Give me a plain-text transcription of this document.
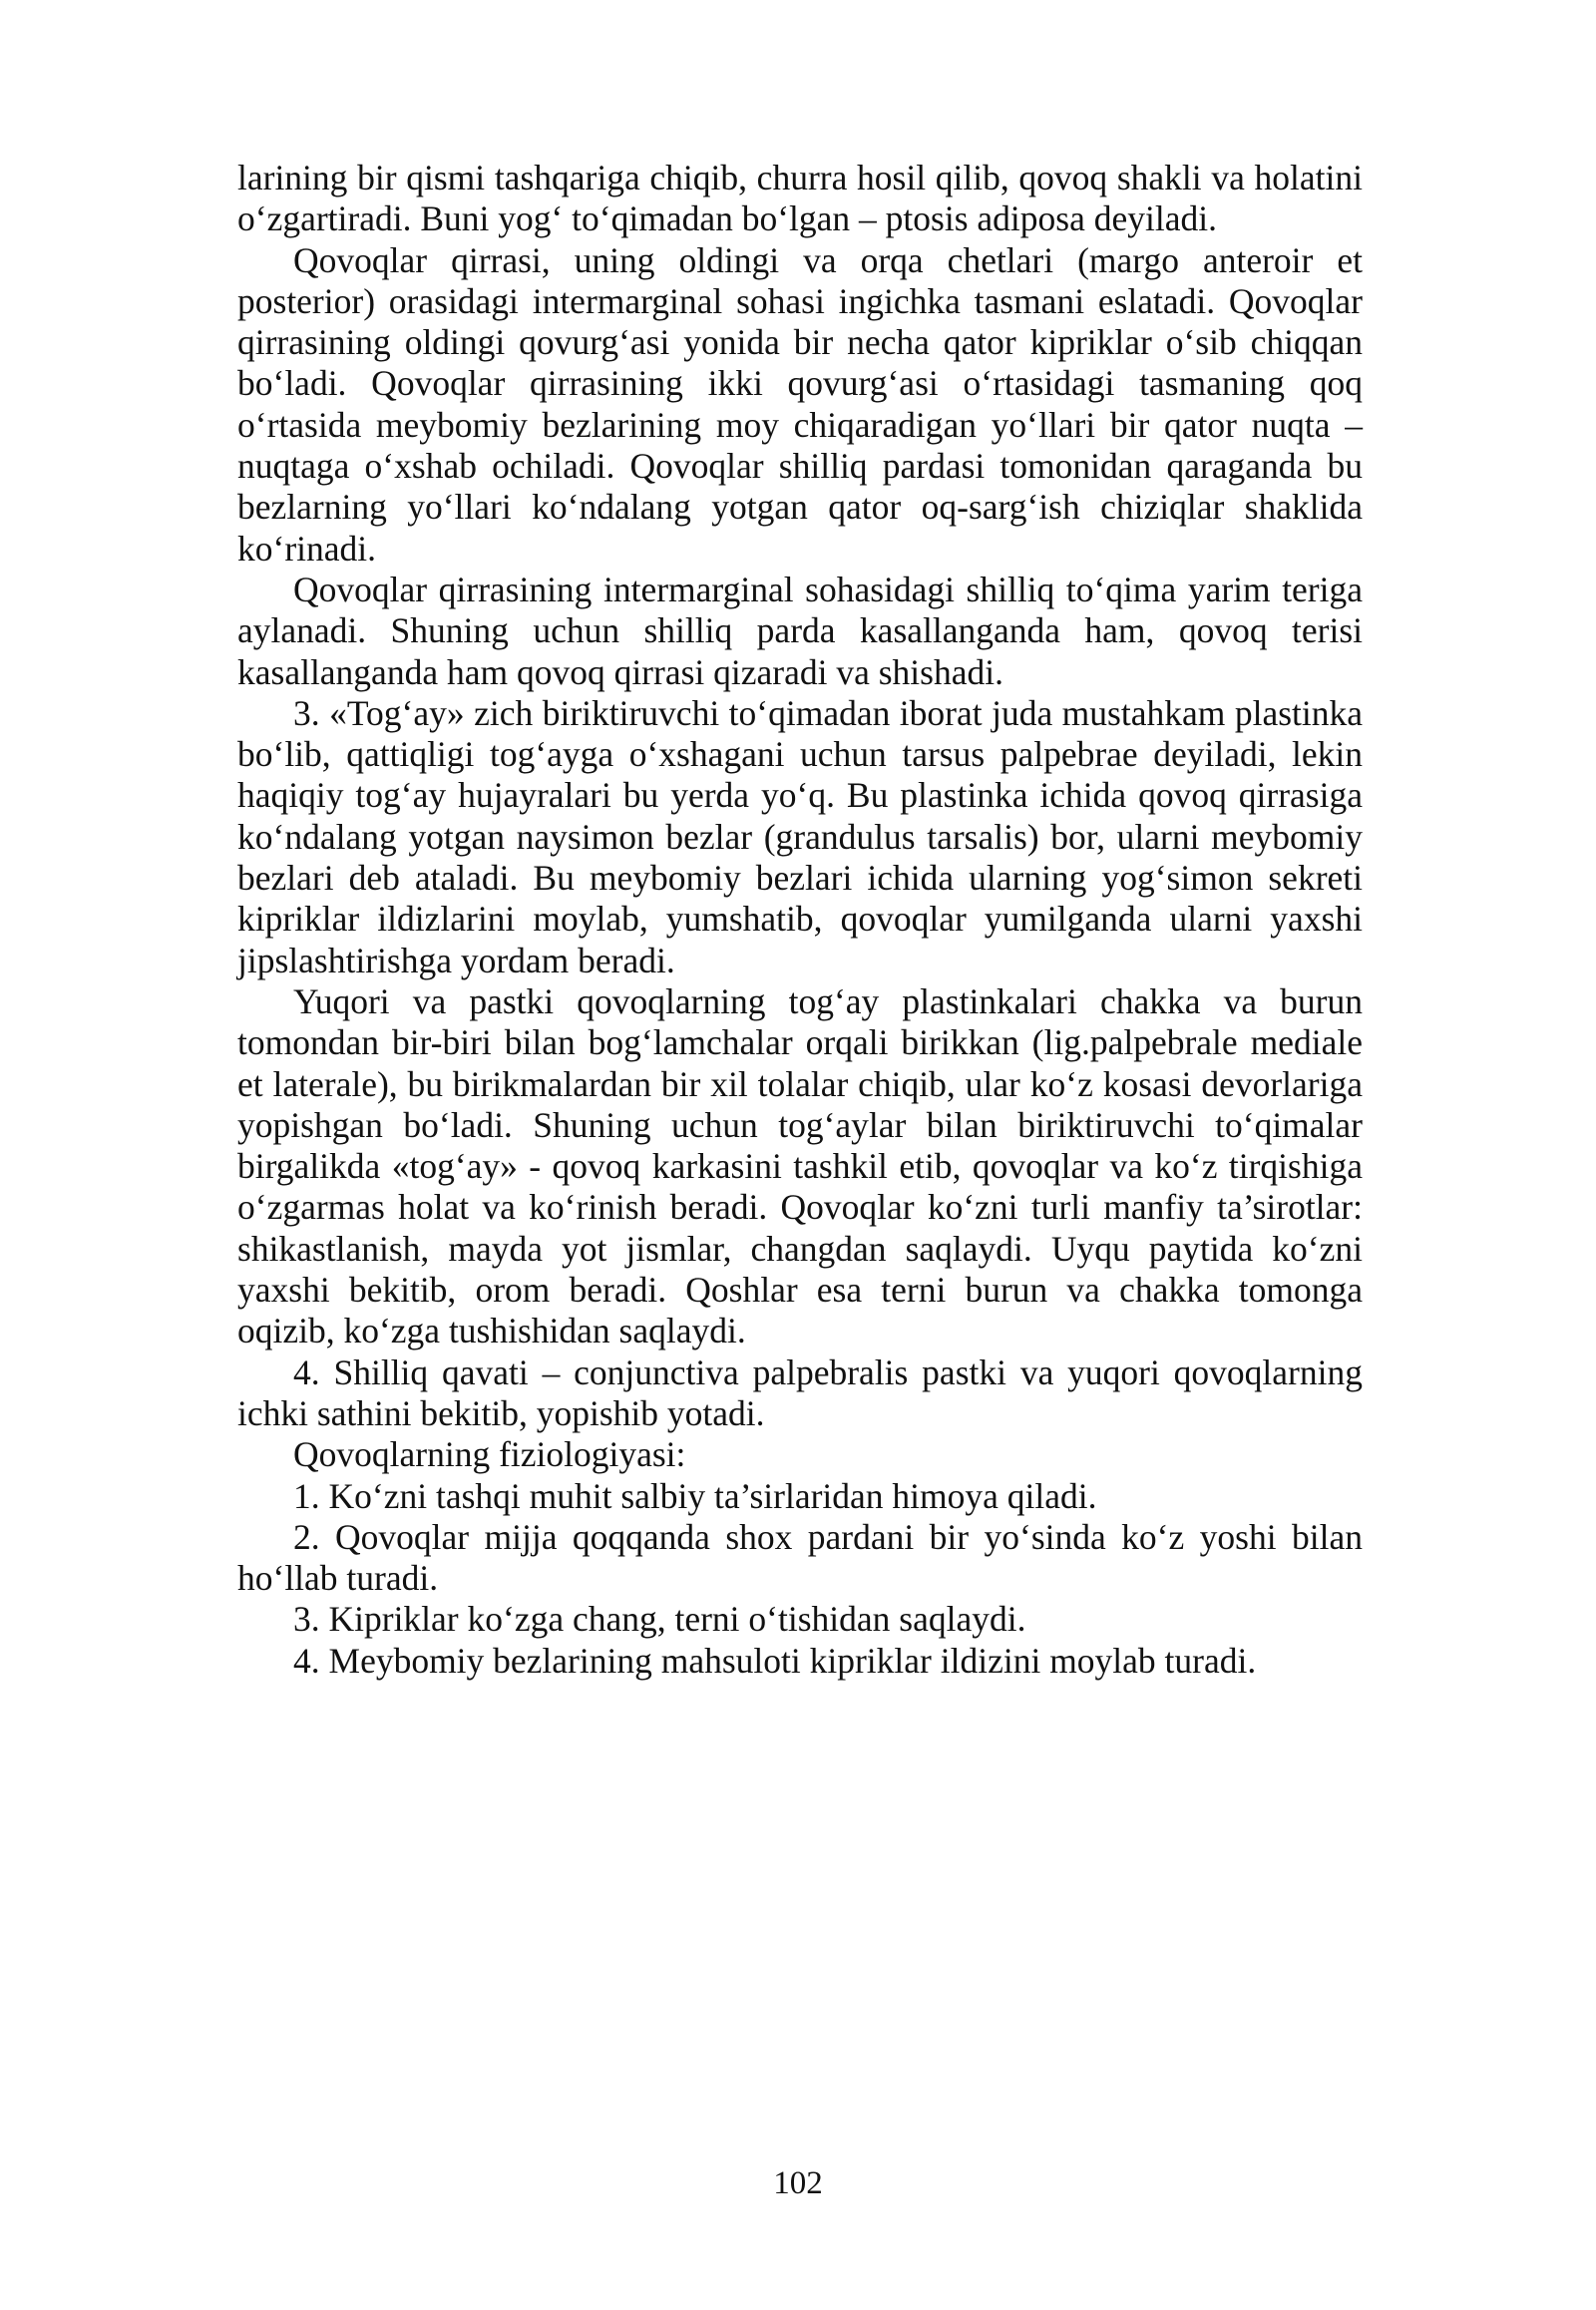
larining bir qismi tashqariga chiqib, churra hosil qilib, qovoq shakli va holatini o‘zgartiradi. Buni yog‘ to‘qimadan bo‘lgan – ptosis adiposa deyiladi.

Qovoqlar qirrasi, uning oldingi va orqa chetlari (margo anteroir et posterior) orasidagi intermarginal sohasi ingichka tasmani eslatadi. Qovoqlar qirrasining oldingi qovurg‘asi yonida bir necha qator kipriklar o‘sib chiqqan bo‘ladi. Qovoqlar qirrasining ikki qovurg‘asi o‘rtasidagi tasmaning qoq o‘rtasida meybomiy bezlarining moy chiqaradigan yo‘llari bir qator nuqta – nuqtaga o‘xshab ochiladi. Qovoqlar shilliq pardasi tomonidan qaraganda bu bezlarning yo‘llari ko‘ndalang yotgan qator oq-sarg‘ish chiziqlar shaklida ko‘rinadi.

Qovoqlar qirrasining intermarginal sohasidagi shilliq to‘qima yarim teriga aylanadi. Shuning uchun shilliq parda kasallanganda ham, qovoq terisi kasallanganda ham qovoq qirrasi qizaradi va shishadi.

3. «Tog‘ay» zich biriktiruvchi to‘qimadan iborat juda mustahkam plastinka bo‘lib, qattiqligi tog‘ayga o‘xshagani uchun tarsus palpebrae deyiladi, lekin haqiqiy tog‘ay hujayralari bu yerda yo‘q. Bu plastinka ichida qovoq qirrasiga ko‘ndalang yotgan naysimon bezlar (grandulus tarsalis) bor, ularni meybomiy bezlari deb ataladi. Bu meybomiy bezlari ichida ularning yog‘simon sekreti kipriklar ildizlarini moylab, yumshatib, qovoqlar yumilganda ularni yaxshi jipslashtirishga yordam beradi.

Yuqori va pastki qovoqlarning tog‘ay plastinkalari chakka va burun tomondan bir-biri bilan bog‘lamchalar orqali birikkan (lig.palpebrale mediale et laterale), bu birikmalardan bir xil tolalar chiqib, ular ko‘z kosasi devorlariga yopishgan bo‘ladi. Shuning uchun tog‘aylar bilan biriktiruvchi to‘qimalar birgalikda «tog‘ay» - qovoq karkasini tashkil etib, qovoqlar va ko‘z tirqishiga o‘zgarmas holat va ko‘rinish beradi. Qovoqlar ko‘zni turli manfiy ta’sirotlar: shikastlanish, mayda yot jismlar, changdan saqlaydi. Uyqu paytida ko‘zni yaxshi bekitib, orom beradi. Qoshlar esa terni burun va chakka tomonga oqizib, ko‘zga tushishidan saqlaydi.

4. Shilliq qavati – conjunctiva palpebralis pastki va yuqori qovoqlarning ichki sathini bekitib, yopishib yotadi.

Qovoqlarning fiziologiyasi:

1. Ko‘zni tashqi muhit salbiy ta’sirlaridan himoya qiladi.

2. Qovoqlar mijja qoqqanda shox pardani bir yo‘sinda ko‘z yoshi bilan ho‘llab turadi.

3. Kipriklar ko‘zga chang, terni o‘tishidan saqlaydi.

4. Meybomiy bezlarining mahsuloti kipriklar ildizini moylab turadi.

102
